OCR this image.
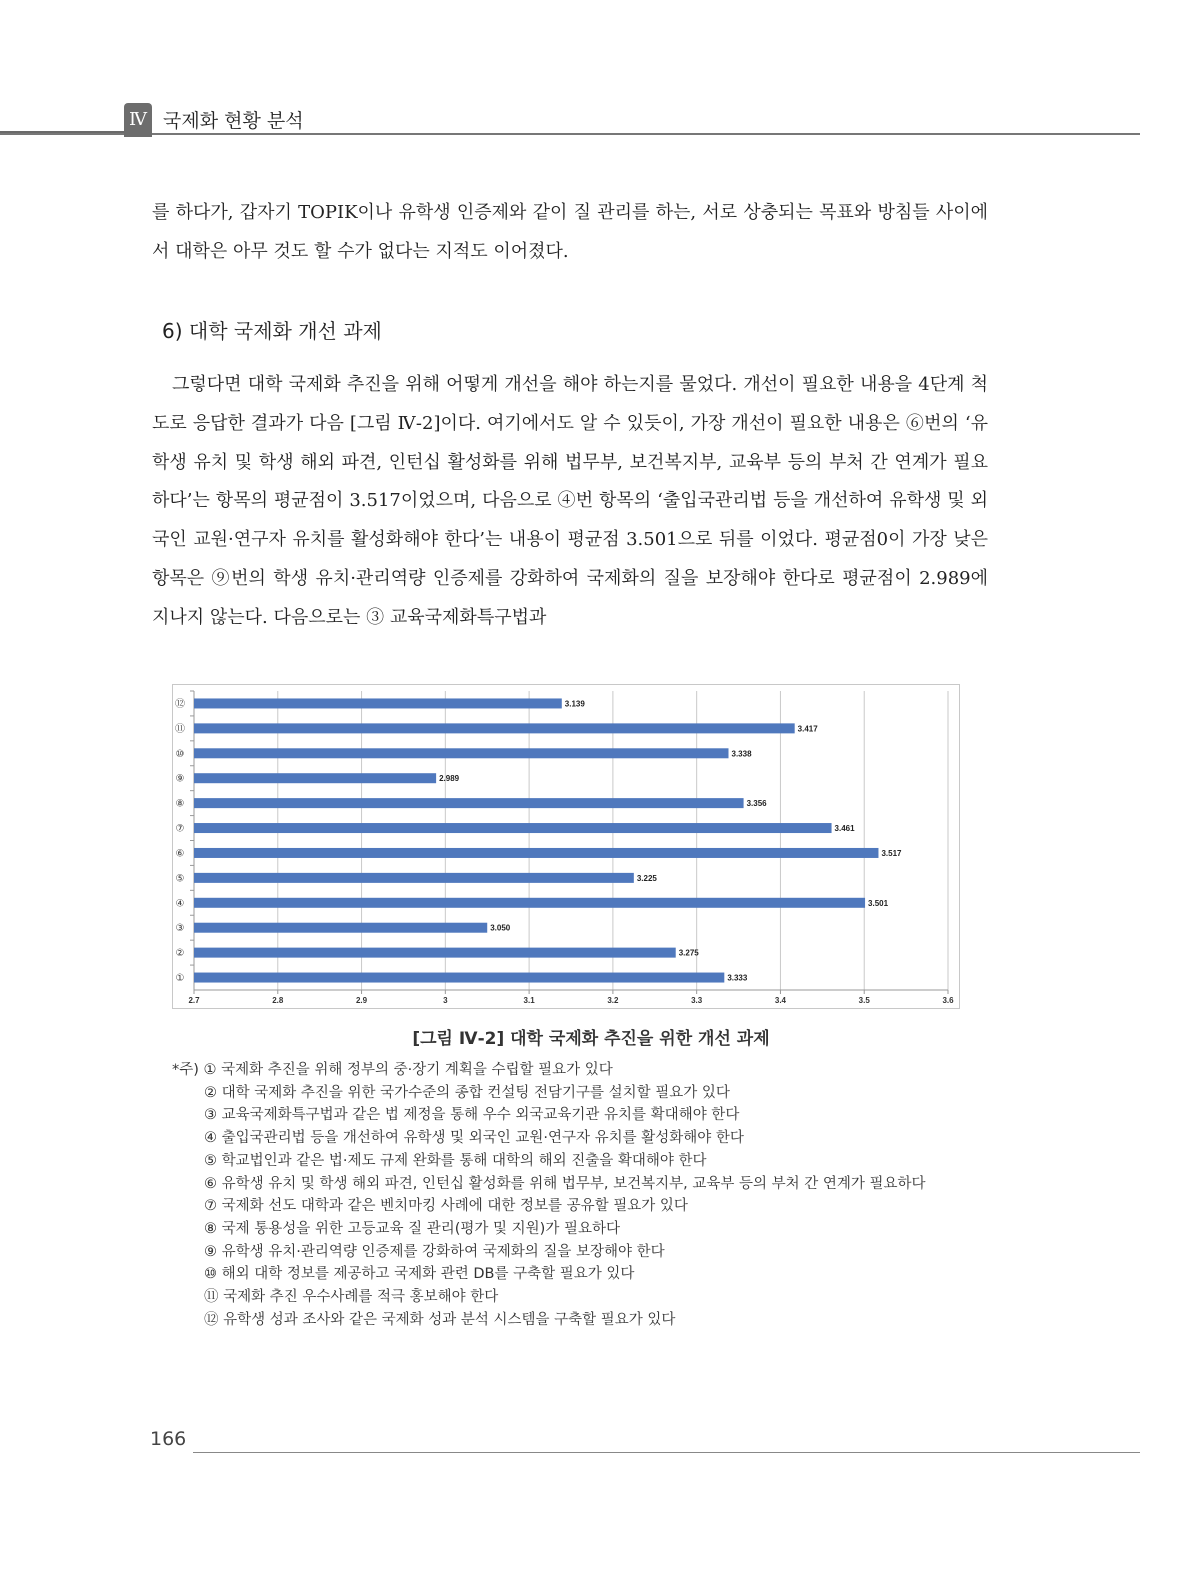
Ⅳ 국제화 현황 분석
를 하다가, 갑자기 TOPIK이나 유학생 인증제와 같이 질 관리를 하는, 서로 상충되는 목표와 방침들 사이에서 대학은 아무 것도 할 수가 없다는 지적도 이어졌다.
6) 대학 국제화 개선 과제
그렇다면 대학 국제화 추진을 위해 어떻게 개선을 해야 하는지를 물었다. 개선이 필요한 내용을 4단계 척도로 응답한 결과가 다음 [그림 Ⅳ-2]이다. 여기에서도 알 수 있듯이, 가장 개선이 필요한 내용은 ⑥번의 ‘유학생 유치 및 학생 해외 파견, 인턴십 활성화를 위해 법무부, 보건복지부, 교육부 등의 부처 간 연계가 필요하다’는 항목의 평균점이 3.517이었으며, 다음으로 ④번 항목의 ‘출입국관리법 등을 개선하여 유학생 및 외국인 교원·연구자 유치를 활성화해야 한다’는 내용이 평균점 3.501으로 뒤를 이었다. 평균점0이 가장 낮은 항목은 ⑨번의 학생 유치·관리역량 인증제를 강화하여 국제화의 질을 보장해야 한다로 평균점이 2.989에 지나지 않는다. 다음으로는 ③ 교육국제화특구법과
2.7	2.8	2.9	3	3.1	3.2	3.3	3.4	3.5	3.6
①	3.333
②	3.275
③	3.050
④	3.501
⑤	3.225
⑥	3.517
⑦	3.461
⑧	3.356
⑨	2.989
⑩	3.338
⑪	3.417
⑫	3.139
[그림 Ⅳ-2] 대학 국제화 추진을 위한 개선 과제
*주) ① 국제화 추진을 위해 정부의 중·장기 계획을 수립할 필요가 있다
② 대학 국제화 추진을 위한 국가수준의 종합 컨설팅 전담기구를 설치할 필요가 있다
③ 교육국제화특구법과 같은 법 제정을 통해 우수 외국교육기관 유치를 확대해야 한다
④ 출입국관리법 등을 개선하여 유학생 및 외국인 교원·연구자 유치를 활성화해야 한다
⑤ 학교법인과 같은 법·제도 규제 완화를 통해 대학의 해외 진출을 확대해야 한다
⑥ 유학생 유치 및 학생 해외 파견, 인턴십 활성화를 위해 법무부, 보건복지부, 교육부 등의 부처 간 연계가 필요하다
⑦ 국제화 선도 대학과 같은 벤치마킹 사례에 대한 정보를 공유할 필요가 있다
⑧ 국제 통용성을 위한 고등교육 질 관리(평가 및 지원)가 필요하다
⑨ 유학생 유치·관리역량 인증제를 강화하여 국제화의 질을 보장해야 한다
⑩ 해외 대학 정보를 제공하고 국제화 관련 DB를 구축할 필요가 있다
⑪ 국제화 추진 우수사례를 적극 홍보해야 한다
⑫ 유학생 성과 조사와 같은 국제화 성과 분석 시스템을 구축할 필요가 있다
166
